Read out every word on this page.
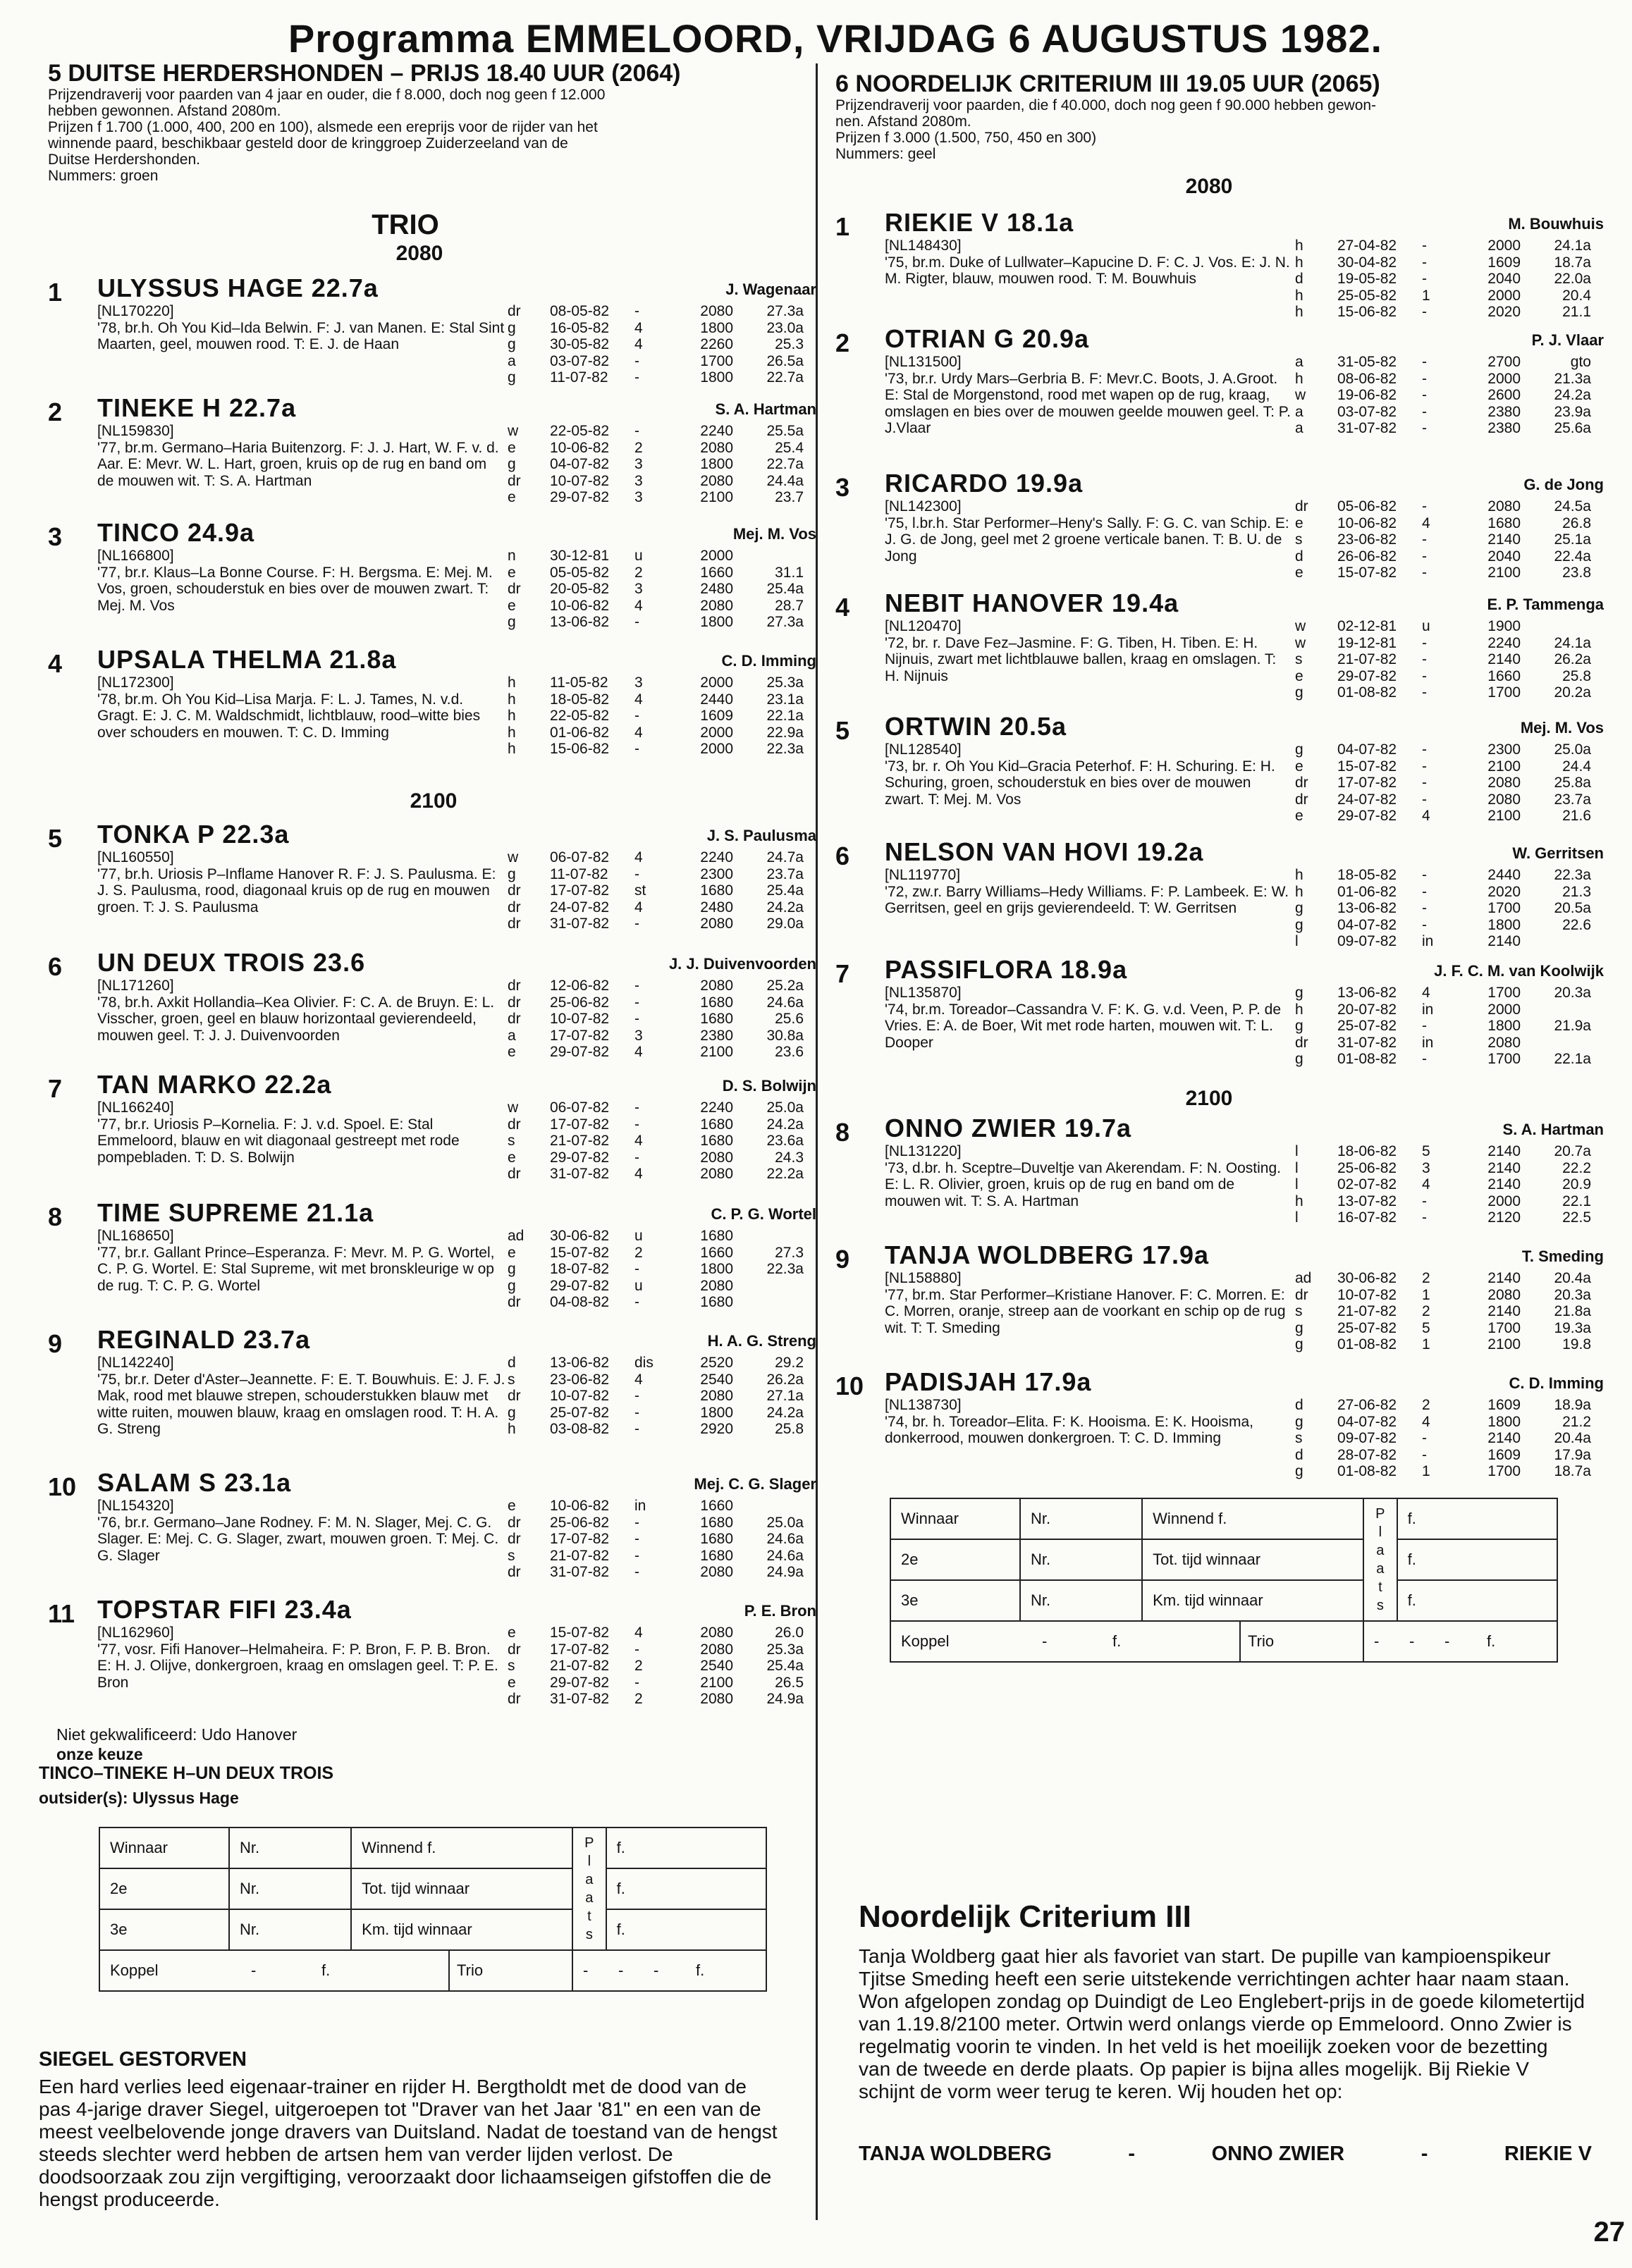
Programma EMMELOORD, VRIJDAG 6 AUGUSTUS 1982.
5 DUITSE HERDERSHONDEN – PRIJS 18.40 UUR (2064)
Prijzendraverij voor paarden van 4 jaar en ouder, die f 8.000, doch nog geen f 12.000
hebben gewonnen. Afstand 2080m.
Prijzen f 1.700 (1.000, 400, 200 en 100), alsmede een ereprijs voor de rijder van het
winnende paard, beschikbaar gesteld door de kringgroep Zuiderzeeland van de
Duitse Herdershonden.
Nummers: groen
TRIO
2080
2100
1	ULYSSUS HAGE 22.7a	J. Wagenaar
[NL170220]
'78, br.h. Oh You Kid–Ida Belwin. F: J. van Manen. E: Stal Sint Maarten, geel, mouwen rood. T: E. J. de Haan
dr	08-05-82	-	2080	27.3a
g	16-05-82	4	1800	23.0a
g	30-05-82	4	2260	25.3
a	03-07-82	-	1700	26.5a
g	11-07-82	-	1800	22.7a
2	TINEKE H 22.7a	S. A. Hartman
[NL159830]
'77, br.m. Germano–Haria Buitenzorg. F: J. J. Hart, W. F. v. d. Aar. E: Mevr. W. L. Hart, groen, kruis op de rug en band om de mouwen wit. T: S. A. Hartman
w	22-05-82	-	2240	25.5a
e	10-06-82	2	2080	25.4
g	04-07-82	3	1800	22.7a
dr	10-07-82	3	2080	24.4a
e	29-07-82	3	2100	23.7
3	TINCO 24.9a	Mej. M. Vos
[NL166800]
'77, br.r. Klaus–La Bonne Course. F: H. Bergsma. E: Mej. M. Vos, groen, schouderstuk en bies over de mouwen zwart. T: Mej. M. Vos
n	30-12-81	u	2000
e	05-05-82	2	1660	31.1
dr	20-05-82	3	2480	25.4a
e	10-06-82	4	2080	28.7
g	13-06-82	-	1800	27.3a
4	UPSALA THELMA 21.8a	C. D. Imming
[NL172300]
'78, br.m. Oh You Kid–Lisa Marja. F: L. J. Tames, N. v.d. Gragt. E: J. C. M. Waldschmidt, lichtblauw, rood–witte bies over schouders en mouwen. T: C. D. Imming
h	11-05-82	3	2000	25.3a
h	18-05-82	4	2440	23.1a
h	22-05-82	-	1609	22.1a
h	01-06-82	4	2000	22.9a
h	15-06-82	-	2000	22.3a
5	TONKA P 22.3a	J. S. Paulusma
[NL160550]
'77, br.h. Uriosis P–Inflame Hanover R. F: J. S. Paulusma. E: J. S. Paulusma, rood, diagonaal kruis op de rug en mouwen groen. T: J. S. Paulusma
w	06-07-82	4	2240	24.7a
g	11-07-82	-	2300	23.7a
dr	17-07-82	st	1680	25.4a
dr	24-07-82	4	2480	24.2a
dr	31-07-82	-	2080	29.0a
6	UN DEUX TROIS 23.6	J. J. Duivenvoorden
[NL171260]
'78, br.h. Axkit Hollandia–Kea Olivier. F: C. A. de Bruyn. E: L. Visscher, groen, geel en blauw horizontaal gevierendeeld, mouwen geel. T: J. J. Duivenvoorden
dr	12-06-82	-	2080	25.2a
dr	25-06-82	-	1680	24.6a
dr	10-07-82	-	1680	25.6
a	17-07-82	3	2380	30.8a
e	29-07-82	4	2100	23.6
7	TAN MARKO 22.2a	D. S. Bolwijn
[NL166240]
'77, br.r. Uriosis P–Kornelia. F: J. v.d. Spoel. E: Stal Emmeloord, blauw en wit diagonaal gestreept met rode pompebladen. T: D. S. Bolwijn
w	06-07-82	-	2240	25.0a
dr	17-07-82	-	1680	24.2a
s	21-07-82	4	1680	23.6a
e	29-07-82	-	2080	24.3
dr	31-07-82	4	2080	22.2a
8	TIME SUPREME 21.1a	C. P. G. Wortel
[NL168650]
'77, br.r. Gallant Prince–Esperanza. F: Mevr. M. P. G. Wortel, C. P. G. Wortel. E: Stal Supreme, wit met bronskleurige w op de rug. T: C. P. G. Wortel
ad	30-06-82	u	1680
e	15-07-82	2	1660	27.3
g	18-07-82	-	1800	22.3a
g	29-07-82	u	2080
dr	04-08-82	-	1680
9	REGINALD 23.7a	H. A. G. Streng
[NL142240]
'75, br.r. Deter d'Aster–Jeannette. F: E. T. Bouwhuis. E: J. F. J. Mak, rood met blauwe strepen, schouderstukken blauw met witte ruiten, mouwen blauw, kraag en omslagen rood. T: H. A. G. Streng
d	13-06-82	dis	2520	29.2
s	23-06-82	4	2540	26.2a
dr	10-07-82	-	2080	27.1a
g	25-07-82	-	1800	24.2a
h	03-08-82	-	2920	25.8
10 SALAM S 23.1a	Mej. C. G. Slager
[NL154320]
'76, br.r. Germano–Jane Rodney. F: M. N. Slager, Mej. C. G. Slager. E: Mej. C. G. Slager, zwart, mouwen groen. T: Mej. C. G. Slager
e	10-06-82	in	1660
dr	25-06-82	-	1680	25.0a
dr	17-07-82	-	1680	24.6a
s	21-07-82	-	1680	24.6a
dr	31-07-82	-	2080	24.9a
11 TOPSTAR FIFI 23.4a	P. E. Bron
[NL162960]
'77, vosr. Fifi Hanover–Helmaheira. F: P. Bron, F. P. B. Bron. E: H. J. Olijve, donkergroen, kraag en omslagen geel. T: P. E. Bron
e	15-07-82	4	2080	26.0
dr	17-07-82	-	2080	25.3a
s	21-07-82	2	2540	25.4a
e	29-07-82	-	2100	26.5
dr	31-07-82	2	2080	24.9a
Niet gekwalificeerd: Udo Hanover
onze keuze
TINCO–TINEKE H–UN DEUX TROIS
outsider(s): Ulyssus Hage
Winnaar	Nr.	Winnend f.	P l a a t s	f.
2e	Nr.	Tot. tijd winnaar		f.
3e	Nr.	Km. tijd winnaar		f.

Koppel - f. Trio			- - - f.	
SIEGEL GESTORVEN
Een hard verlies leed eigenaar-trainer en rijder H. Bergtholdt met de dood van de pas 4-jarige draver Siegel, uitgeroepen tot "Draver van het Jaar '81" en een van de meest veelbelovende jonge dravers van Duitsland. Nadat de toestand van de hengst steeds slechter werd hebben de artsen hem van verder lijden verlost. De doodsoorzaak zou zijn vergiftiging, veroorzaakt door lichaamseigen gifstoffen die de hengst produceerde.
6 NOORDELIJK CRITERIUM III 19.05 UUR (2065)
Prijzendraverij voor paarden, die f 40.000, doch nog geen f 90.000 hebben gewon-
nen. Afstand 2080m.
Prijzen f 3.000 (1.500, 750, 450 en 300)
Nummers: geel
2080
2100
1	RIEKIE V 18.1a	M. Bouwhuis
[NL148430]
'75, br.m. Duke of Lullwater–Kapucine D. F: C. J. Vos. E: J. N. M. Rigter, blauw, mouwen rood. T: M. Bouwhuis
h	27-04-82	-	2000	24.1a
h	30-04-82	-	1609	18.7a
d	19-05-82	-	2040	22.0a
h	25-05-82	1	2000	20.4
h	15-06-82	-	2020	21.1
2	OTRIAN G 20.9a	P. J. Vlaar
[NL131500]
'73, br.r. Urdy Mars–Gerbria B. F: Mevr.C. Boots, J. A.Groot. E: Stal de Morgenstond, rood met wapen op de rug, kraag, omslagen en bies over de mouwen geelde mouwen geel. T: P. J.Vlaar
a	31-05-82	-	2700	gto
h	08-06-82	-	2000	21.3a
w	19-06-82	-	2600	24.2a
a	03-07-82	-	2380	23.9a
a	31-07-82	-	2380	25.6a
3	RICARDO 19.9a	G. de Jong
[NL142300]
'75, l.br.h. Star Performer–Heny's Sally. F: G. C. van Schip. E: J. G. de Jong, geel met 2 groene verticale banen. T: B. U. de Jong
dr	05-06-82	-	2080	24.5a
e	10-06-82	4	1680	26.8
s	23-06-82	-	2140	25.1a
d	26-06-82	-	2040	22.4a
e	15-07-82	-	2100	23.8
4	NEBIT HANOVER 19.4a	E. P. Tammenga
[NL120470]
'72, br. r. Dave Fez–Jasmine. F: G. Tiben, H. Tiben. E: H. Nijnuis, zwart met lichtblauwe ballen, kraag en omslagen. T: H. Nijnuis
w	02-12-81	u	1900
w	19-12-81	-	2240	24.1a
s	21-07-82	-	2140	26.2a
e	29-07-82	-	1660	25.8
g	01-08-82	-	1700	20.2a
5	ORTWIN 20.5a	Mej. M. Vos
[NL128540]
'73, br. r. Oh You Kid–Gracia Peterhof. F: H. Schuring. E: H. Schuring, groen, schouderstuk en bies over de mouwen zwart. T: Mej. M. Vos
g	04-07-82	-	2300	25.0a
e	15-07-82	-	2100	24.4
dr	17-07-82	-	2080	25.8a
dr	24-07-82	-	2080	23.7a
e	29-07-82	4	2100	21.6
6	NELSON VAN HOVI 19.2a	W. Gerritsen
[NL119770]
'72, zw.r. Barry Williams–Hedy Williams. F: P. Lambeek. E: W. Gerritsen, geel en grijs gevierendeeld. T: W. Gerritsen
h	18-05-82	-	2440	22.3a
h	01-06-82	-	2020	21.3
g	13-06-82	-	1700	20.5a
g	04-07-82	-	1800	22.6
l	09-07-82	in	2140
7	PASSIFLORA 18.9a	J. F. C. M. van Koolwijk
[NL135870]
'74, br.m. Toreador–Cassandra V. F: K. G. v.d. Veen, P. P. de Vries. E: A. de Boer, Wit met rode harten, mouwen wit. T: L. Dooper
g	13-06-82	4	1700	20.3a
h	20-07-82	in	2000
g	25-07-82	-	1800	21.9a
dr	31-07-82	in	2080
g	01-08-82	-	1700	22.1a
8	ONNO ZWIER 19.7a	S. A. Hartman
[NL131220]
'73, d.br. h. Sceptre–Duveltje van Akerendam. F: N. Oosting. E: L. R. Olivier, groen, kruis op de rug en band om de mouwen wit. T: S. A. Hartman
l	18-06-82	5	2140	20.7a
l	25-06-82	3	2140	22.2
l	02-07-82	4	2140	20.9
h	13-07-82	-	2000	22.1
l	16-07-82	-	2120	22.5
9	TANJA WOLDBERG 17.9a	T. Smeding
[NL158880]
'77, br.m. Star Performer–Kristiane Hanover. F: C. Morren. E: C. Morren, oranje, streep aan de voorkant en schip op de rug wit. T: T. Smeding
ad	30-06-82	2	2140	20.4a
dr	10-07-82	1	2080	20.3a
s	21-07-82	2	2140	21.8a
g	25-07-82	5	1700	19.3a
g	01-08-82	1	2100	19.8
10 PADISJAH 17.9a	C. D. Imming
[NL138730]
'74, br. h. Toreador–Elita. F: K. Hooisma. E: K. Hooisma, donkerrood, mouwen donkergroen. T: C. D. Imming
d	27-06-82	2	1609	18.9a
g	04-07-82	4	1800	21.2
s	09-07-82	-	2140	20.4a
d	28-07-82	-	1609	17.9a
g	01-08-82	1	1700	18.7a
Winnaar	Nr.	Winnend f.	P l a a t s	f.
2e	Nr.	Tot. tijd winnaar		f.
3e	Nr.	Km. tijd winnaar		f.

Koppel - f. Trio			- - - f.	
Noordelijk Criterium III
Tanja Woldberg gaat hier als favoriet van start. De pupille van kampioenspikeur Tjitse Smeding heeft een serie uitstekende verrichtingen achter haar naam staan. Won afgelopen zondag op Duindigt de Leo Englebert-prijs in de goede kilometertijd van 1.19.8/2100 meter. Ortwin werd onlangs vierde op Emmeloord. Onno Zwier is regelmatig voorin te vinden. In het veld is het moeilijk zoeken voor de bezetting van de tweede en derde plaats. Op papier is bijna alles mogelijk. Bij Riekie V schijnt de vorm weer terug te keren. Wij houden het op:
TANJA WOLDBERG	-	ONNO ZWIER	-	RIEKIE V
27
